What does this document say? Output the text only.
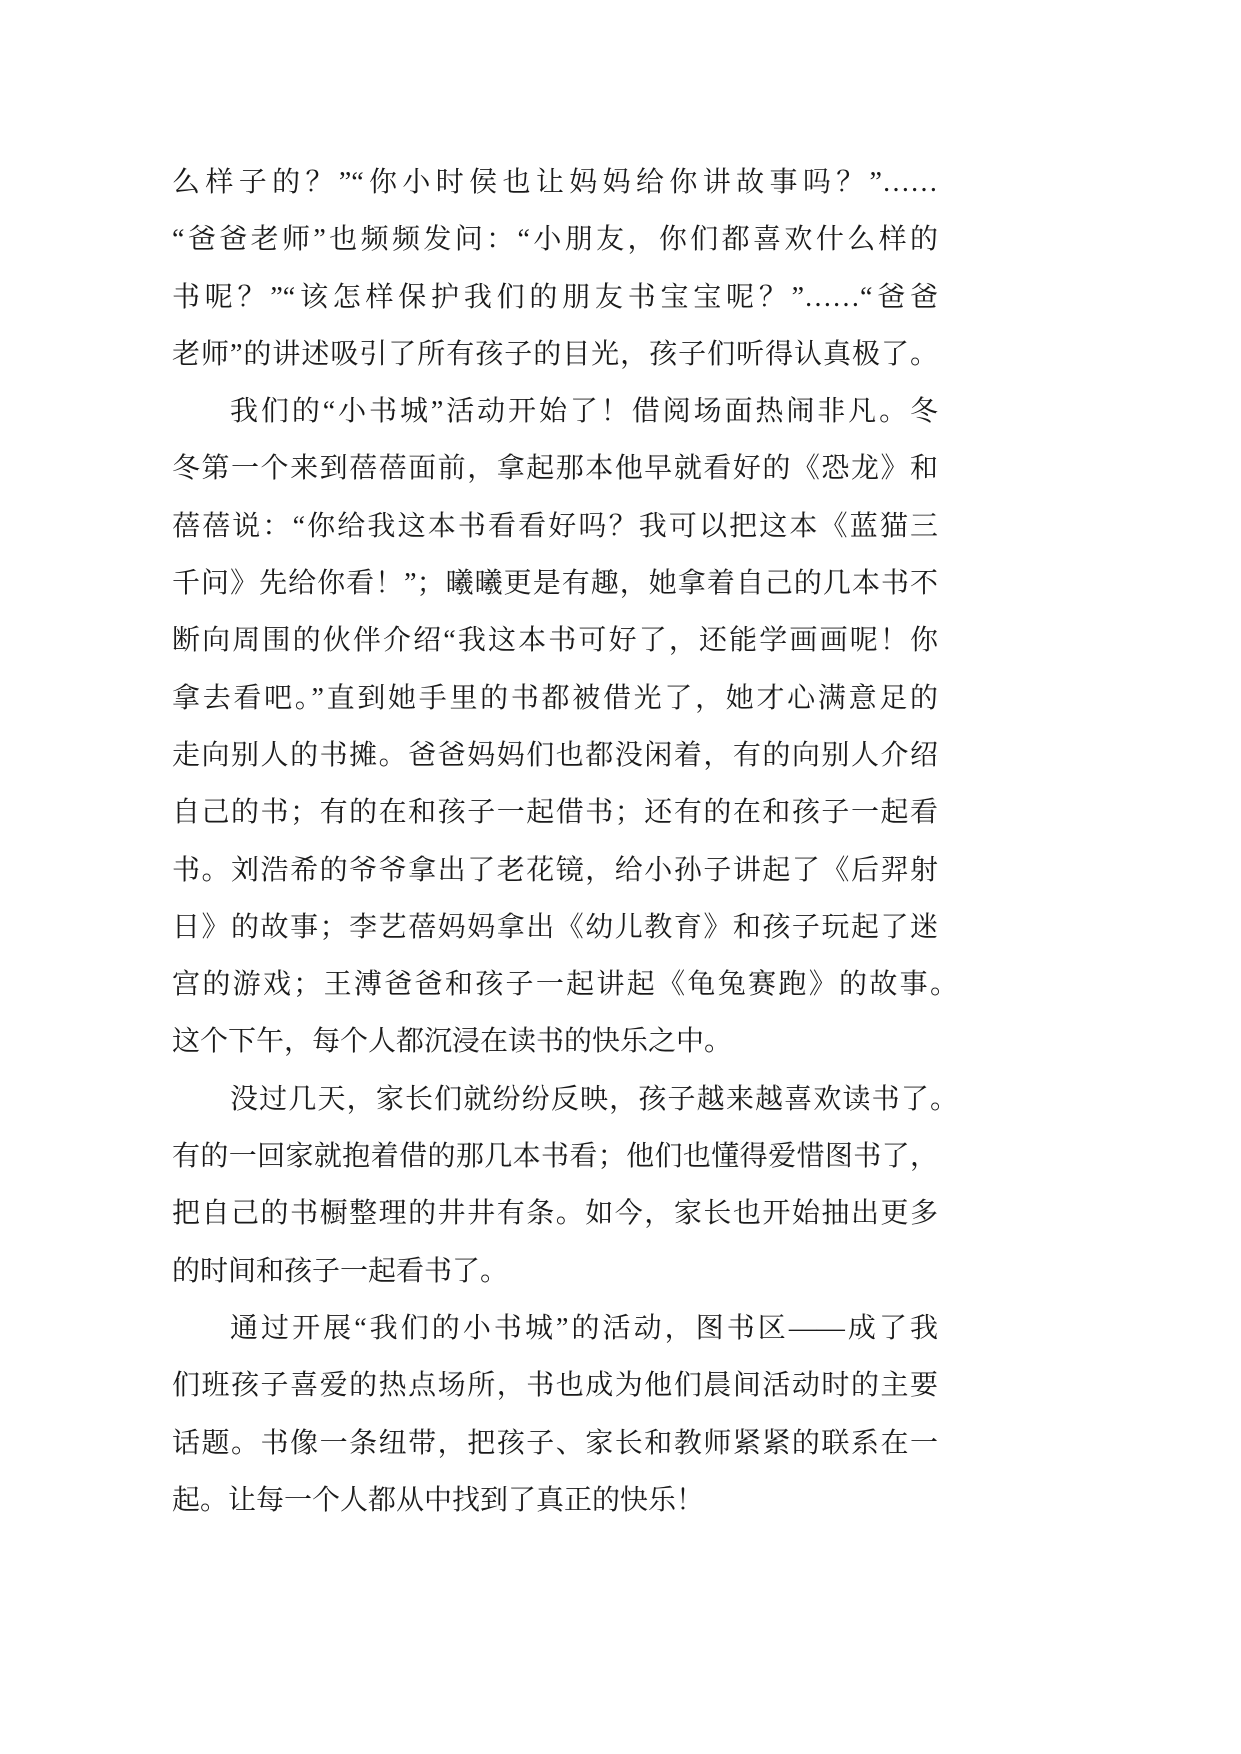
么样子的？”“你小时侯也让妈妈给你讲故事吗？”……
“爸爸老师”也频频发问：“小朋友，你们都喜欢什么样的
书呢？”“该怎样保护我们的朋友书宝宝呢？”……“爸爸
老师”的讲述吸引了所有孩子的目光，孩子们听得认真极了。
我们的“小书城”活动开始了！借阅场面热闹非凡。冬
冬第一个来到蓓蓓面前，拿起那本他早就看好的《恐龙》和
蓓蓓说：“你给我这本书看看好吗？我可以把这本《蓝猫三
千问》先给你看！”；曦曦更是有趣，她拿着自己的几本书不
断向周围的伙伴介绍“我这本书可好了，还能学画画呢！你
拿去看吧。”直到她手里的书都被借光了，她才心满意足的
走向别人的书摊。爸爸妈妈们也都没闲着，有的向别人介绍
自己的书；有的在和孩子一起借书；还有的在和孩子一起看
书。刘浩希的爷爷拿出了老花镜，给小孙子讲起了《后羿射
日》的故事；李艺蓓妈妈拿出《幼儿教育》和孩子玩起了迷
宫的游戏；王溥爸爸和孩子一起讲起《龟兔赛跑》的故事。
这个下午，每个人都沉浸在读书的快乐之中。
没过几天，家长们就纷纷反映，孩子越来越喜欢读书了。
有的一回家就抱着借的那几本书看；他们也懂得爱惜图书了，
把自己的书橱整理的井井有条。如今，家长也开始抽出更多
的时间和孩子一起看书了。
通过开展“我们的小书城”的活动，图书区——成了我
们班孩子喜爱的热点场所，书也成为他们晨间活动时的主要
话题。书像一条纽带，把孩子、家长和教师紧紧的联系在一
起。让每一个人都从中找到了真正的快乐！
